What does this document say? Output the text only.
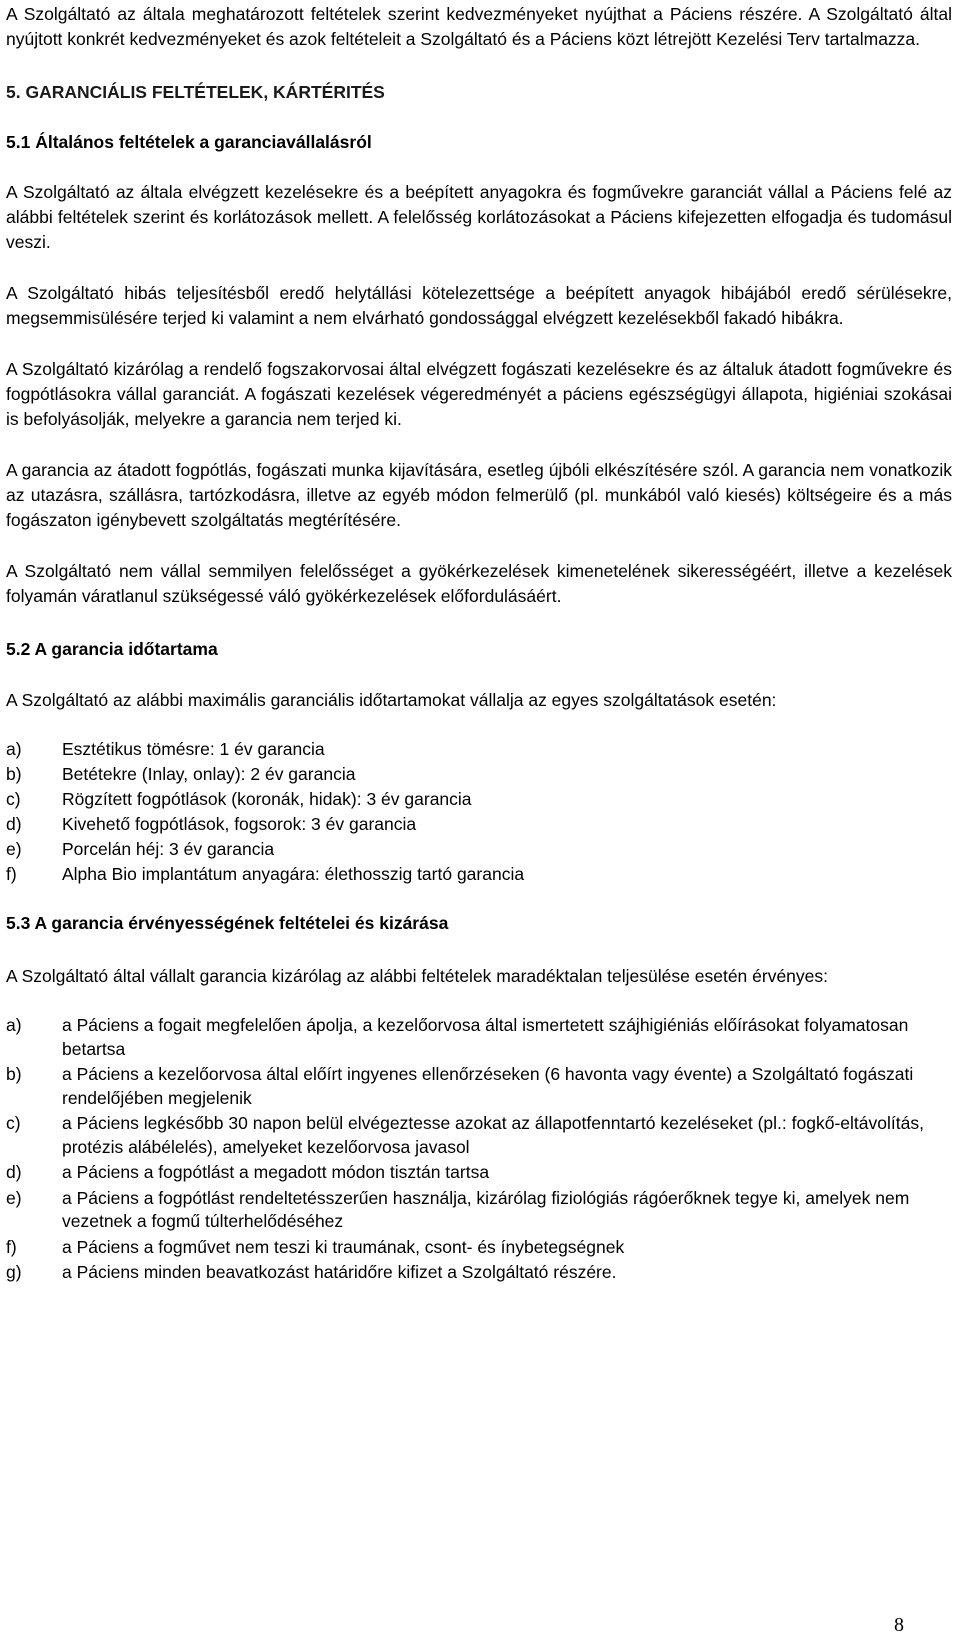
A Szolgáltató az általa meghatározott feltételek szerint kedvezményeket nyújthat a Páciens részére. A Szolgáltató által nyújtott konkrét kedvezményeket és azok feltételeit a Szolgáltató és a Páciens közt létrejött Kezelési Terv tartalmazza.

5. GARANCIÁLIS FELTÉTELEK, KÁRTÉRITÉS
5.1 Általános feltételek a garanciavállalásról

A Szolgáltató az általa elvégzett kezelésekre és a beépített anyagokra és fogművekre garanciát vállal a Páciens felé az alábbi feltételek szerint és korlátozások mellett. A felelősség korlátozásokat a Páciens kifejezetten elfogadja és tudomásul veszi.

A Szolgáltató hibás teljesítésből eredő helytállási kötelezettsége a beépített anyagok hibájából eredő sérülésekre, megsemmisülésére terjed ki valamint a nem elvárható gondossággal elvégzett kezelésekből fakadó hibákra.

A Szolgáltató kizárólag a rendelő fogszakorvosai által elvégzett fogászati kezelésekre és az általuk átadott fogművekre és fogpótlásokra vállal garanciát. A fogászati kezelések végeredményét a páciens egészségügyi állapota, higiéniai szokásai is befolyásolják, melyekre a garancia nem terjed ki.

A garancia az átadott fogpótlás, fogászati munka kijavítására, esetleg újbóli elkészítésére szól. A garancia nem vonatkozik az utazásra, szállásra, tartózkodásra, illetve az egyéb módon felmerülő (pl. munkából való kiesés) költségeire és a más fogászaton igénybevett szolgáltatás megtérítésére.

A Szolgáltató nem vállal semmilyen felelősséget a gyökérkezelések kimenetelének sikerességéért, illetve a kezelések folyamán váratlanul szükségessé váló gyökérkezelések előfordulásáért.

5.2 A garancia időtartama

A Szolgáltató az alábbi maximális garanciális időtartamokat vállalja az egyes szolgáltatások esetén:

a) Esztétikus tömésre: 1 év garancia
b) Betétekre (Inlay, onlay): 2 év garancia
c) Rögzített fogpótlások (koronák, hidak): 3 év garancia
d) Kivehető fogpótlások, fogsorok: 3 év garancia
e) Porcelán héj: 3 év garancia
f)	Alpha Bio implantátum anyagára: élethosszig tartó garancia
5.3 A garancia érvényességének feltételei és kizárása

A Szolgáltató által vállalt garancia kizárólag az alábbi feltételek maradéktalan teljesülése esetén érvényes:

a) a Páciens a fogait megfelelően ápolja, a kezelőorvosa által ismertetett szájhigiéniás előírásokat folyamatosan betartsa
b) a Páciens a kezelőorvosa által előírt ingyenes ellenőrzéseken (6 havonta vagy évente) a Szolgáltató fogászati rendelőjében megjelenik
c) a Páciens legkésőbb 30 napon belül elvégeztesse azokat az állapotfenntartó kezeléseket (pl.: fogkő-eltávolítás, protézis alábélelés), amelyeket kezelőorvosa javasol
d) a Páciens a fogpótlást a megadott módon tisztán tartsa
e) a Páciens a fogpótlást rendeltetésszerűen használja, kizárólag fiziológiás rágóerőknek tegye ki, amelyek nem vezetnek a fogmű túlterhelődéséhez
f)	a Páciens a fogművet nem teszi ki traumának, csont- és ínybetegségnek
g) a Páciens minden beavatkozást határidőre kifizet a Szolgáltató részére.
8
